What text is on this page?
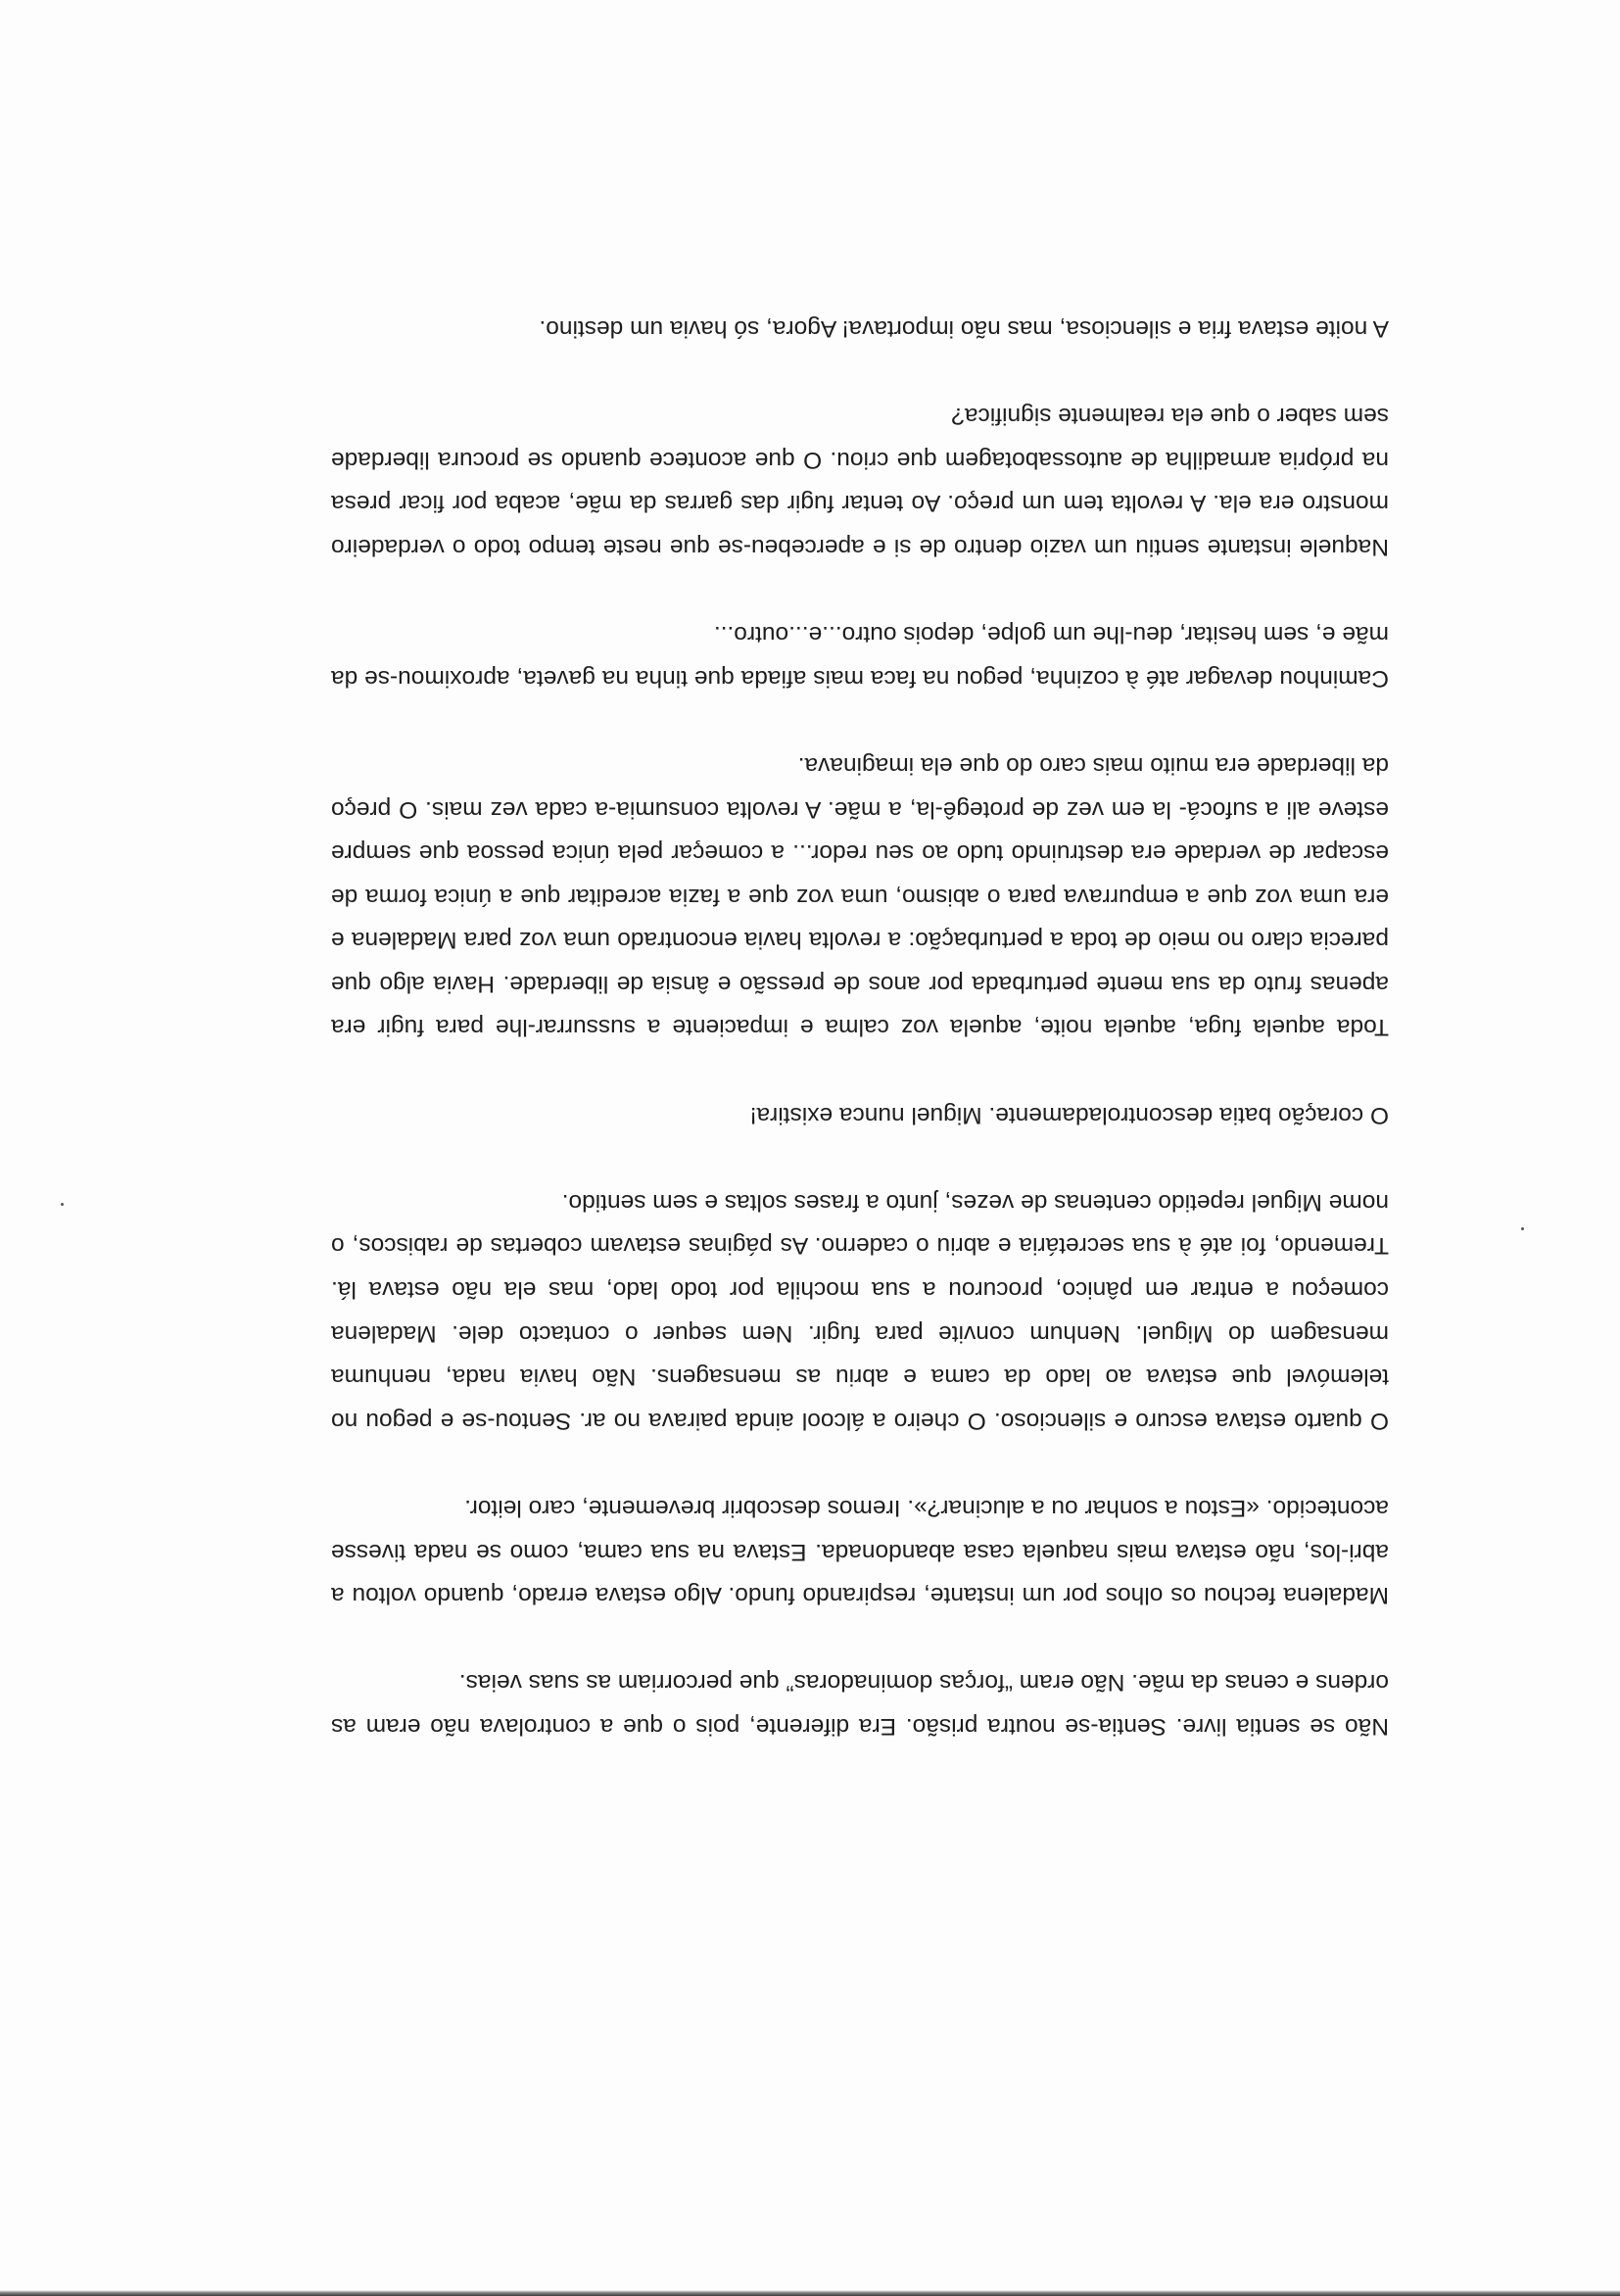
Não se sentia livre. Sentia-se noutra prisão. Era diferente, pois o que a controlava não eram as ordens e cenas da mãe. Não eram “forças dominadoras” que percorriam as suas veias.

Madalena fechou os olhos por um instante, respirando fundo. Algo estava errado, quando voltou a abri-los, não estava mais naquela casa abandonada. Estava na sua cama, como se nada tivesse acontecido. «Estou a sonhar ou a alucinar?». Iremos descobrir brevemente, caro leitor.

O quarto estava escuro e silencioso. O cheiro a álcool ainda pairava no ar. Sentou-se e pegou no telemóvel que estava ao lado da cama e abriu as mensagens. Não havia nada, nenhuma mensagem do Miguel. Nenhum convite para fugir. Nem sequer o contacto dele. Madalena começou a entrar em pânico, procurou a sua mochila por todo lado, mas ela não estava lá. Tremendo, foi até à sua secretária e abriu o caderno. As páginas estavam cobertas de rabiscos, o nome Miguel repetido centenas de vezes, junto a frases soltas e sem sentido.

O coração batia descontroladamente. Miguel nunca existira!

Toda aquela fuga, aquela noite, aquela voz calma e impaciente a sussurrar-lhe para fugir era apenas fruto da sua mente perturbada por anos de pressão e ânsia de liberdade. Havia algo que parecia claro no meio de toda a perturbação: a revolta havia encontrado uma voz para Madalena e era uma voz que a empurrava para o abismo, uma voz que a fazia acreditar que a única forma de escapar de verdade era destruindo tudo ao seu redor... a começar pela única pessoa que sempre esteve ali a sufocá- la em vez de protegê-la, a mãe. A revolta consumia-a cada vez mais. O preço da liberdade era muito mais caro do que ela imaginava.

Caminhou devagar até à cozinha, pegou na faca mais afiada que tinha na gaveta, aproximou-se da mãe e, sem hesitar, deu-lhe um golpe, depois outro...e...outro...

Naquele instante sentiu um vazio dentro de si e apercebeu-se que neste tempo todo o verdadeiro monstro era ela. A revolta tem um preço. Ao tentar fugir das garras da mãe, acaba por ficar presa na própria armadilha de autossabotagem que criou. O que acontece quando se procura liberdade sem saber o que ela realmente significa?

A noite estava fria e silenciosa, mas não importava! Agora, só havia um destino.
